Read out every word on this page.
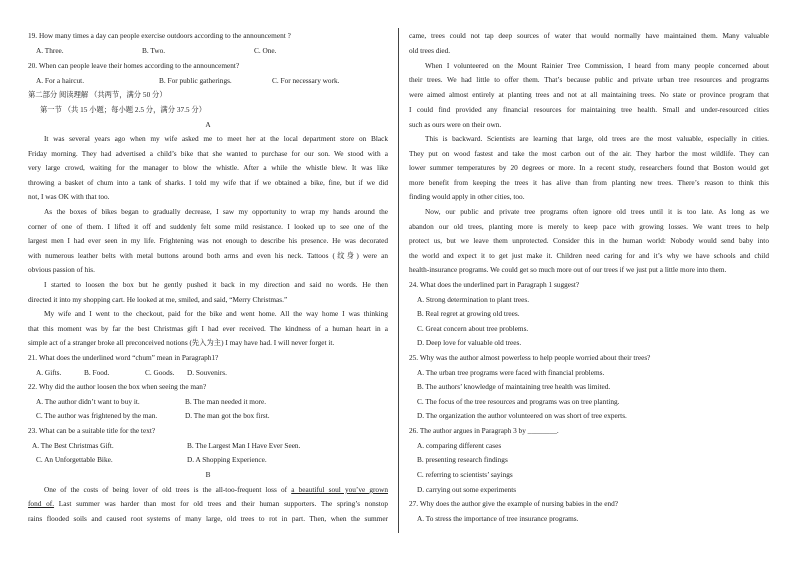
19. How many times a day can people exercise outdoors according to the announcement ?
A. Three.	B. Two.	C. One.
20. When can people leave their homes according to the announcement?
A. For a haircut.	B. For public gatherings.	C. For necessary work.
第二部分 阅读理解 （共两节，满分 50 分）
第一节 （共 15 小题；每小题 2.5 分，满分 37.5 分）
A
It was several years ago when my wife asked me to meet her at the local department store on Black
Friday morning. They had advertised a child’s bike that she wanted to purchase for our son. We stood with a
very large crowd, waiting for the manager to blow the whistle. After a while the whistle blew. It was like
throwing a basket of chum into a tank of sharks. I told my wife that if we obtained a bike, fine, but if we did
not, I was OK with that too.
As the boxes of bikes began to gradually decrease, I saw my opportunity to wrap my hands around the
corner of one of them. I lifted it off and suddenly felt some mild resistance. I looked up to see one of the
largest men I had ever seen in my life. Frightening was not enough to describe his presence. He was decorated
with numerous leather belts with metal buttons around both arms and even his neck. Tattoos (纹身) were an
obvious passion of his.
I started to loosen the box but he gently pushed it back in my direction and said no words. He then
directed it into my shopping cart. He looked at me, smiled, and said, “Merry Christmas.”
My wife and I went to the checkout, paid for the bike and went home. All the way home I was thinking
that this moment was by far the best Christmas gift I had ever received. The kindness of a human heart in a
simple act of a stranger broke all preconceived notions (先入为主) I may have had. I will never forget it.
21. What does the underlined word “chum” mean in Paragraph1?
A. Gifts.	B. Food.	C. Goods. D. Souvenirs.
22. Why did the author loosen the box when seeing the man?
A. The author didn’t want to buy it.	B. The man needed it more.
C. The author was frightened by the man.	D. The man got the box first.
23. What can be a suitable title for the text?
A. The Best Christmas Gift.	B. The Largest Man I Have Ever Seen.
C. An Unforgettable Bike.	D. A Shopping Experience.
B
One of the costs of being lover of old trees is the all-too-frequent loss of a beautiful soul you’ve grown
fond of. Last summer was harder than most for old trees and their human supporters. The spring’s nonstop
rains flooded soils and caused root systems of many large, old trees to rot in part. Then, when the summer
came, trees could not tap deep sources of water that would normally have maintained them. Many valuable
old trees died.
When I volunteered on the Mount Rainier Tree Commission, I heard from many people concerned about
their trees. We had little to offer them. That’s because public and private urban tree resources and programs
were aimed almost entirely at planting trees and not at all maintaining trees. No state or province program that
I could find provided any financial resources for maintaining tree health. Small and under-resourced cities
such as ours were on their own.
This is backward. Scientists are learning that large, old trees are the most valuable, especially in cities.
They put on wood fastest and take the most carbon out of the air. They harbor the most wildlife. They can
lower summer temperatures by 20 degrees or more. In a recent study, researchers found that Boston would get
more benefit from keeping the trees it has alive than from planting new trees. There’s reason to think this
finding would apply in other cities, too.
Now, our public and private tree programs often ignore old trees until it is too late. As long as we
abandon our old trees, planting more is merely to keep pace with growing losses. We want trees to help
protect us, but we leave them unprotected. Consider this in the human world: Nobody would send baby into
the world and expect it to get just make it. Children need caring for and it’s why we have schools and child
health-insurance programs. We could get so much more out of our trees if we just put a little more into them.
24. What does the underlined part in Paragraph 1 suggest?
A. Strong determination to plant trees.
B. Real regret at growing old trees.
C. Great concern about tree problems.
D. Deep love for valuable old trees.
25. Why was the author almost powerless to help people worried about their trees?
A. The urban tree programs were faced with financial problems.
B. The authors’ knowledge of maintaining tree health was limited.
C. The focus of the tree resources and programs was on tree planting.
D. The organization the author volunteered on was short of tree experts.
26. The author argues in Paragraph 3 by ________.
A. comparing different cases
B. presenting research findings
C. referring to scientists’ sayings
D. carrying out some experiments
27. Why does the author give the example of nursing babies in the end?
A. To stress the importance of tree insurance programs.
